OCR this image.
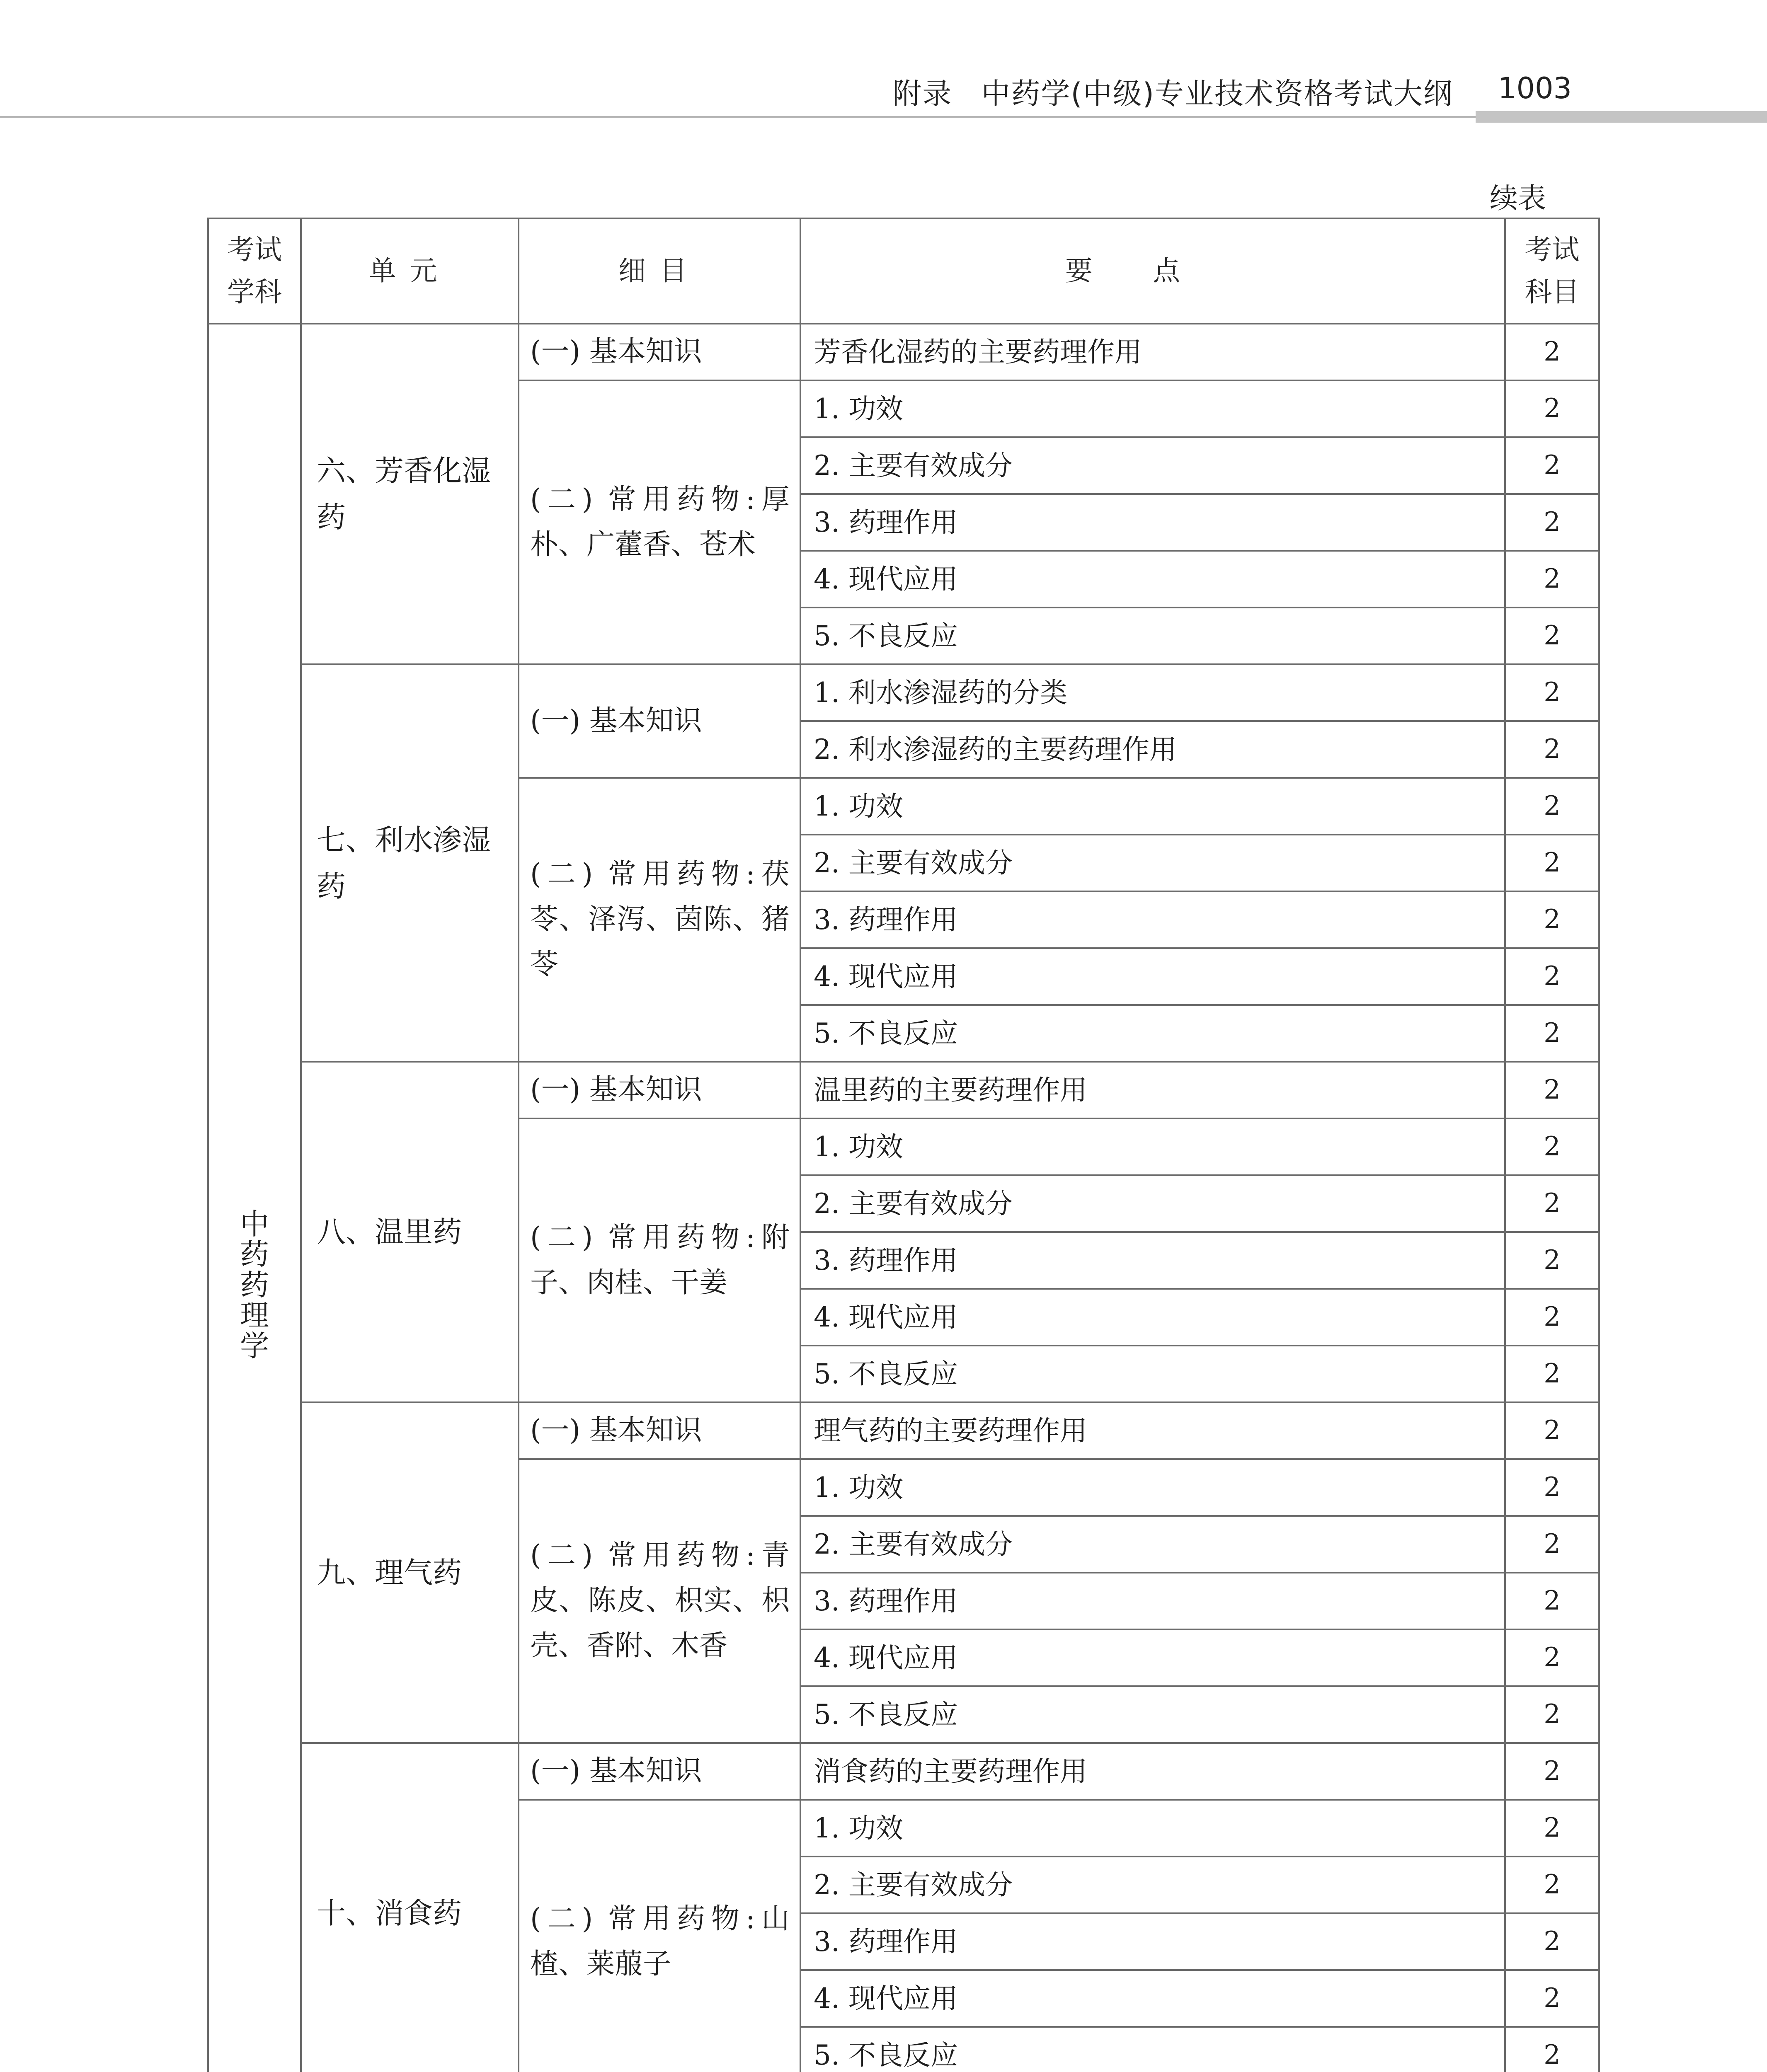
附录 中药学(中级)专业技术资格考试大纲 1003
续表
考试学科	单元	细目	要点	考试科目
中药药理学	六、芳香化湿药	(一) 基本知识	芳香化湿药的主要药理作用	2
		(二) 常用药物:厚朴、广藿香、苍术	1. 功效	2
			2. 主要有效成分	2
			3. 药理作用	2
			4. 现代应用	2
			5. 不良反应	2
	七、利水渗湿药	(一) 基本知识	1. 利水渗湿药的分类	2
			2. 利水渗湿药的主要药理作用	2
		(二) 常用药物:茯苓、泽泻、茵陈、猪苓	1. 功效	2
			2. 主要有效成分	2
			3. 药理作用	2
			4. 现代应用	2
			5. 不良反应	2
	八、温里药	(一) 基本知识	温里药的主要药理作用	2
		(二) 常用药物:附子、肉桂、干姜	1. 功效	2
			2. 主要有效成分	2
			3. 药理作用	2
			4. 现代应用	2
			5. 不良反应	2
	九、理气药	(一) 基本知识	理气药的主要药理作用	2
		(二) 常用药物:青皮、陈皮、枳实、枳壳、香附、木香	1. 功效	2
			2. 主要有效成分	2
			3. 药理作用	2
			4. 现代应用	2
			5. 不良反应	2
	十、消食药	(一) 基本知识	消食药的主要药理作用	2
		(二) 常用药物:山楂、莱菔子	1. 功效	2
			2. 主要有效成分	2
			3. 药理作用	2
			4. 现代应用	2
			5. 不良反应	2
